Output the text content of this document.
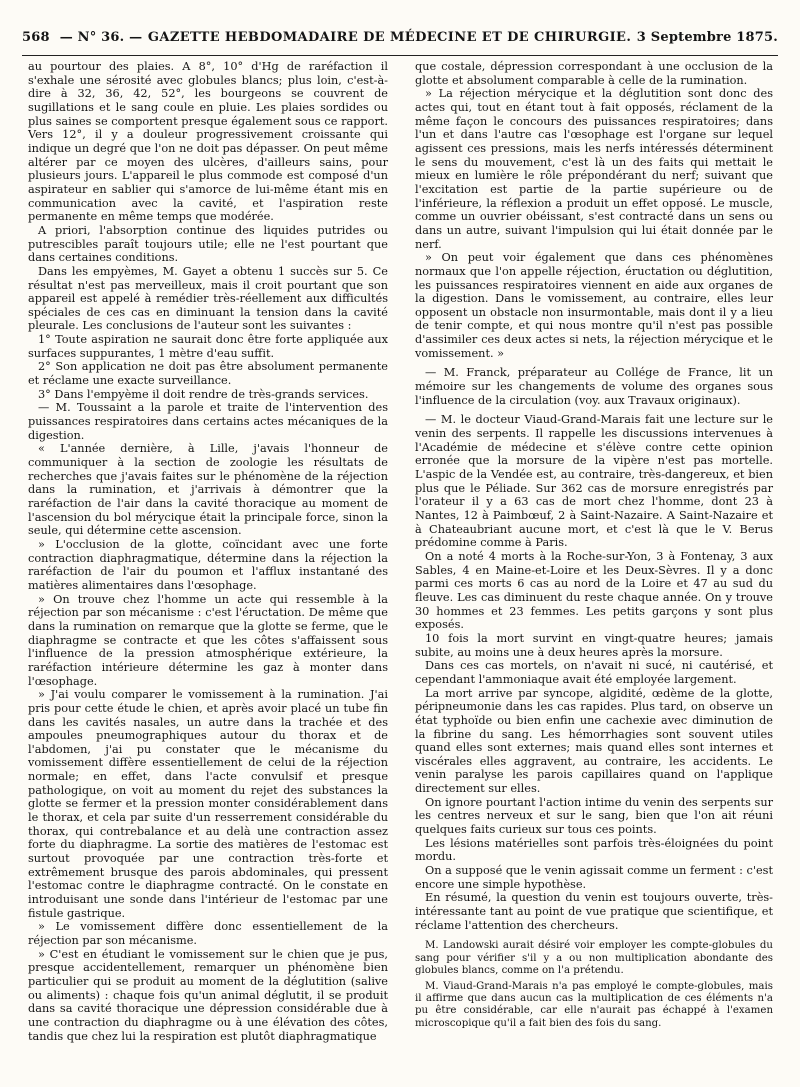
568 — N° 36. — GAZETTE HEBDOMADAIRE DE MÉDECINE ET DE CHIRURGIE. 3 Septembre 1875.

au pourtour des plaies. A 8°, 10° d'Hg de raréfaction il s'exhale une sérosité avec globules blancs; plus loin, c'est-à-dire à 32, 36, 42, 52°, les bourgeons se couvrent de sugillations et le sang coule en pluie. Les plaies sordides ou plus saines se comportent presque également sous ce rapport. Vers 12°, il y a douleur progressivement croissante qui indique un degré que l'on ne doit pas dépasser. On peut même altérer par ce moyen des ulcères, d'ailleurs sains, pour plusieurs jours. L'appareil le plus commode est composé d'un aspirateur en sablier qui s'amorce de lui-même étant mis en communication avec la cavité, et l'aspiration reste permanente en même temps que modérée.

A priori, l'absorption continue des liquides putrides ou putrescibles paraît toujours utile; elle ne l'est pourtant que dans certaines conditions.

Dans les empyèmes, M. Gayet a obtenu 1 succès sur 5. Ce résultat n'est pas merveilleux, mais il croit pourtant que son appareil est appelé à remédier très-réellement aux difficultés spéciales de ces cas en diminuant la tension dans la cavité pleurale. Les conclusions de l'auteur sont les suivantes :

1° Toute aspiration ne saurait donc être forte appliquée aux surfaces suppurantes, 1 mètre d'eau suffit.

2° Son application ne doit pas être absolument permanente et réclame une exacte surveillance.

3° Dans l'empyème il doit rendre de très-grands services.

— M. Toussaint a la parole et traite de l'intervention des puissances respiratoires dans certains actes mécaniques de la digestion.

« L'année dernière, à Lille, j'avais l'honneur de communiquer à la section de zoologie les résultats de recherches que j'avais faites sur le phénomène de la réjection dans la rumination, et j'arrivais à démontrer que la raréfaction de l'air dans la cavité thoracique au moment de l'ascension du bol mérycique était la principale force, sinon la seule, qui détermine cette ascension.

» L'occlusion de la glotte, coïncidant avec une forte contraction diaphragmatique, détermine dans la réjection la raréfaction de l'air du poumon et l'afflux instantané des matières alimentaires dans l'œsophage.

» On trouve chez l'homme un acte qui ressemble à la réjection par son mécanisme : c'est l'éructation. De même que dans la rumination on remarque que la glotte se ferme, que le diaphragme se contracte et que les côtes s'affaissent sous l'influence de la pression atmosphérique extérieure, la raréfaction intérieure détermine les gaz à monter dans l'œsophage.

» J'ai voulu comparer le vomissement à la rumination. J'ai pris pour cette étude le chien, et après avoir placé un tube fin dans les cavités nasales, un autre dans la trachée et des ampoules pneumographiques autour du thorax et de l'abdomen, j'ai pu constater que le mécanisme du vomissement diffère essentiellement de celui de la réjection normale; en effet, dans l'acte convulsif et presque pathologique, on voit au moment du rejet des substances la glotte se fermer et la pression monter considérablement dans le thorax, et cela par suite d'un resserrement considérable du thorax, qui contrebalance et au delà une contraction assez forte du diaphragme. La sortie des matières de l'estomac est surtout provoquée par une contraction très-forte et extrêmement brusque des parois abdominales, qui pressent l'estomac contre le diaphragme contracté. On le constate en introduisant une sonde dans l'intérieur de l'estomac par une fistule gastrique.

» Le vomissement diffère donc essentiellement de la réjection par son mécanisme.

» C'est en étudiant le vomissement sur le chien que je pus, presque accidentellement, remarquer un phénomène bien particulier qui se produit au moment de la déglutition (salive ou aliments) : chaque fois qu'un animal déglutit, il se produit dans sa cavité thoracique une dépression considérable due à une contraction du diaphragme ou à une élévation des côtes, tandis que chez lui la respiration est plutôt diaphragmatique

que costale, dépression correspondant à une occlusion de la glotte et absolument comparable à celle de la rumination.

» La réjection mérycique et la déglutition sont donc des actes qui, tout en étant tout à fait opposés, réclament de la même façon le concours des puissances respiratoires; dans l'un et dans l'autre cas l'œsophage est l'organe sur lequel agissent ces pressions, mais les nerfs intéressés déterminent le sens du mouvement, c'est là un des faits qui mettait le mieux en lumière le rôle prépondérant du nerf; suivant que l'excitation est partie de la partie supérieure ou de l'inférieure, la réflexion a produit un effet opposé. Le muscle, comme un ouvrier obéissant, s'est contracté dans un sens ou dans un autre, suivant l'impulsion qui lui était donnée par le nerf.

» On peut voir également que dans ces phénomènes normaux que l'on appelle réjection, éructation ou déglutition, les puissances respiratoires viennent en aide aux organes de la digestion. Dans le vomissement, au contraire, elles leur opposent un obstacle non insurmontable, mais dont il y a lieu de tenir compte, et qui nous montre qu'il n'est pas possible d'assimiler ces deux actes si nets, la réjection mérycique et le vomissement. »

— M. Franck, préparateur au Collége de France, lit un mémoire sur les changements de volume des organes sous l'influence de la circulation (voy. aux Travaux originaux).

— M. le docteur Viaud-Grand-Marais fait une lecture sur le venin des serpents. Il rappelle les discussions intervenues à l'Académie de médecine et s'élève contre cette opinion erronée que la morsure de la vipère n'est pas mortelle. L'aspic de la Vendée est, au contraire, très-dangereux, et bien plus que le Péliade. Sur 362 cas de morsure enregistrés par l'orateur il y a 63 cas de mort chez l'homme, dont 23 à Nantes, 12 à Paimbœuf, 2 à Saint-Nazaire. A Saint-Nazaire et à Chateaubriant aucune mort, et c'est là que le V. Berus prédomine comme à Paris.

On a noté 4 morts à la Roche-sur-Yon, 3 à Fontenay, 3 aux Sables, 4 en Maine-et-Loire et les Deux-Sèvres. Il y a donc parmi ces morts 6 cas au nord de la Loire et 47 au sud du fleuve. Les cas diminuent du reste chaque année. On y trouve 30 hommes et 23 femmes. Les petits garçons y sont plus exposés.

10 fois la mort survint en vingt-quatre heures; jamais subite, au moins une à deux heures après la morsure.

Dans ces cas mortels, on n'avait ni sucé, ni cautérisé, et cependant l'ammoniaque avait été employée largement.

La mort arrive par syncope, algidité, œdème de la glotte, péripneumonie dans les cas rapides. Plus tard, on observe un état typhoïde ou bien enfin une cachexie avec diminution de la fibrine du sang. Les hémorrhagies sont souvent utiles quand elles sont externes; mais quand elles sont internes et viscérales elles aggravent, au contraire, les accidents. Le venin paralyse les parois capillaires quand on l'applique directement sur elles.

On ignore pourtant l'action intime du venin des serpents sur les centres nerveux et sur le sang, bien que l'on ait réuni quelques faits curieux sur tous ces points.

Les lésions matérielles sont parfois très-éloignées du point mordu.

On a supposé que le venin agissait comme un ferment : c'est encore une simple hypothèse.

En résumé, la question du venin est toujours ouverte, très-intéressante tant au point de vue pratique que scientifique, et réclame l'attention des chercheurs.

M. Landowski aurait désiré voir employer les compte-globules du sang pour vérifier s'il y a ou non multiplication abondante des globules blancs, comme on l'a prétendu.

M. Viaud-Grand-Marais n'a pas employé le compte-globules, mais il affirme que dans aucun cas la multiplication de ces éléments n'a pu être considérable, car elle n'aurait pas échappé à l'examen microscopique qu'il a fait bien des fois du sang.
